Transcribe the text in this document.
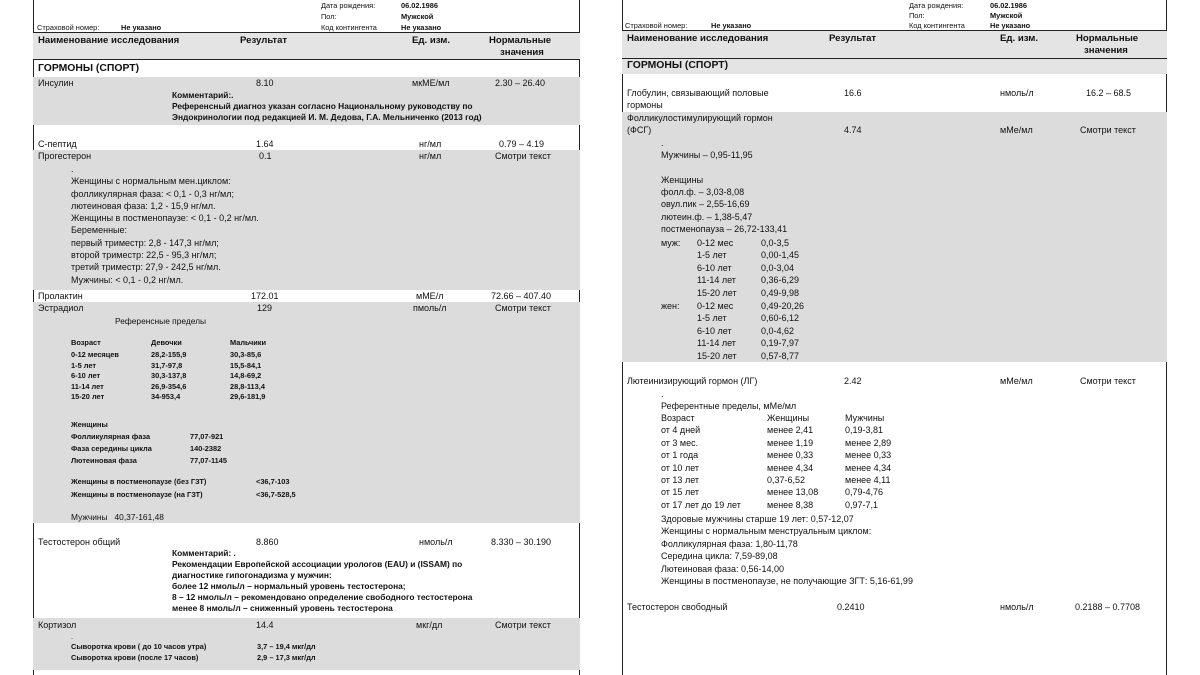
Дата рождения:	06.02.1986
Пол:	Мужской
Страховой номер:	Не указано	Код контингента	Не указано
Наименование исследования	Результат	Ед. изм.	Нормальные
значения
ГОРМОНЫ (СПОРТ)
Инсулин	8.10	мкМЕ/мл	2.30 – 26.40
Комментарий:.
Референсный диагноз указан согласно Национальному руководству по
Эндокринологии под редакцией И. М. Дедова, Г.А. Мельниченко (2013 год)
С-пептид	1.64	нг/мл	0.79 – 4.19
Прогестерон	0.1	нг/мл	Смотри текст
.
Женщины с нормальным мен.циклом:
фолликулярная фаза: < 0,1 - 0,3 нг/мл;
лютеиновая фаза: 1,2 - 15,9 нг/мл.
Женщины в постменопаузе: < 0,1 - 0,2 нг/мл.
Беременные:
первый триместр: 2,8 - 147,3 нг/мл;
второй триместр: 22,5 - 95,3 нг/мл;
третий триместр: 27,9 - 242,5 нг/мл.
Мужчины: < 0,1 - 0,2 нг/мл.
Пролактин	172.01	мМЕ/л	72.66 – 407.40
Эстрадиол	129	пмоль/л	Смотри текст
Референсные пределы
Возраст	Девочки	Мальчики
0-12 месяцев	28,2-155,9	30,3-85,6
1-5 лет	31,7-97,8	15,5-84,1
6-10 лет	30,3-137,8	14,8-69,2
11-14 лет	26,9-354,6	28,8-113,4
15-20 лет	34-953,4	29,6-181,9
Женщины
Фолликулярная фаза	77,07-921
Фаза середины цикла	140-2382
Лютеиновая фаза	77,07-1145
Женщины в постменопаузе (без ГЗТ)	<36,7-103
Женщины в постменопаузе (на ГЗТ)	<36,7-528,5
Мужчины   40,37-161,48
Тестостерон общий	8.860	нмоль/л	8.330 – 30.190
Комментарий: .
Рекомендации Европейской ассоциации урологов (EAU) и (ISSAM) по
диагностике гипогонадизма у мужчин:
более 12 нмоль/л – нормальный уровень тестостерона;
8 – 12 нмоль/л – рекомендовано определение свободного тестостерона
менее 8 нмоль/л – сниженный уровень тестостерона
Кортизол	14.4	мкг/дл	Смотри текст
.
Сыворотка крови ( до 10 часов утра)	3,7 – 19,4 мкг/дл
Сыворотка крови (после 17 часов)	2,9 – 17,3 мкг/дл
Дата рождения:	06.02.1986
Пол:	Мужской
Страховой номер:	Не указано	Код контингента	Не указано
Наименование исследования	Результат	Ед. изм.	Нормальные
значения
ГОРМОНЫ (СПОРТ)
Глобулин, связывающий половые
гормоны
16.6	нмоль/л	16.2 – 68.5
Фолликулостимулирующий гормон
(ФСГ)	4.74	мМе/мл	Смотри текст
.
Мужчины – 0,95-11,95
Женщины
фолл.ф. – 3,03-8,08
овул.пик – 2,55-16,69
лютеин.ф. – 1,38-5,47
постменопауза – 26,72-133,41
муж: 0-12 мес	0,0-3,5
1-5 лет	0,00-1,45
6-10 лет	0,0-3,04
11-14 лет	0,36-6,29
15-20 лет	0,49-9,98
жен: 0-12 мес	0,49-20,26
1-5 лет	0,60-6,12
6-10 лет	0,0-4,62
11-14 лет	0,19-7,97
15-20 лет	0,57-8,77
Лютеинизирующий гормон (ЛГ)	2.42	мМе/мл	Смотри текст
.
Референтные пределы, мМе/мл
Возраст	Женщины	Мужчины
от 4 дней	менее 2,41	0,19-3,81
от 3 мес.	менее 1,19	менее 2,89
от 1 года	менее 0,33	менее 0,33
от 10 лет	менее 4,34	менее 4,34
от 13 лет	0,37-6,52	менее 4,11
от 15 лет	менее 13,08	0,79-4,76
от 17 лет до 19 лет	менее 8,38	0,97-7,1
Здоровые мужчины старше 19 лет: 0,57-12,07
Женщины с нормальным менструальным циклом:
Фолликулярная фаза: 1,80-11,78
Середина цикла: 7,59-89,08
Лютеиновая фаза: 0,56-14,00
Женщины в постменопаузе, не получающие ЗГТ: 5,16-61,99
Тестостерон свободный	0.2410	нмоль/л	0.2188 – 0.7708
